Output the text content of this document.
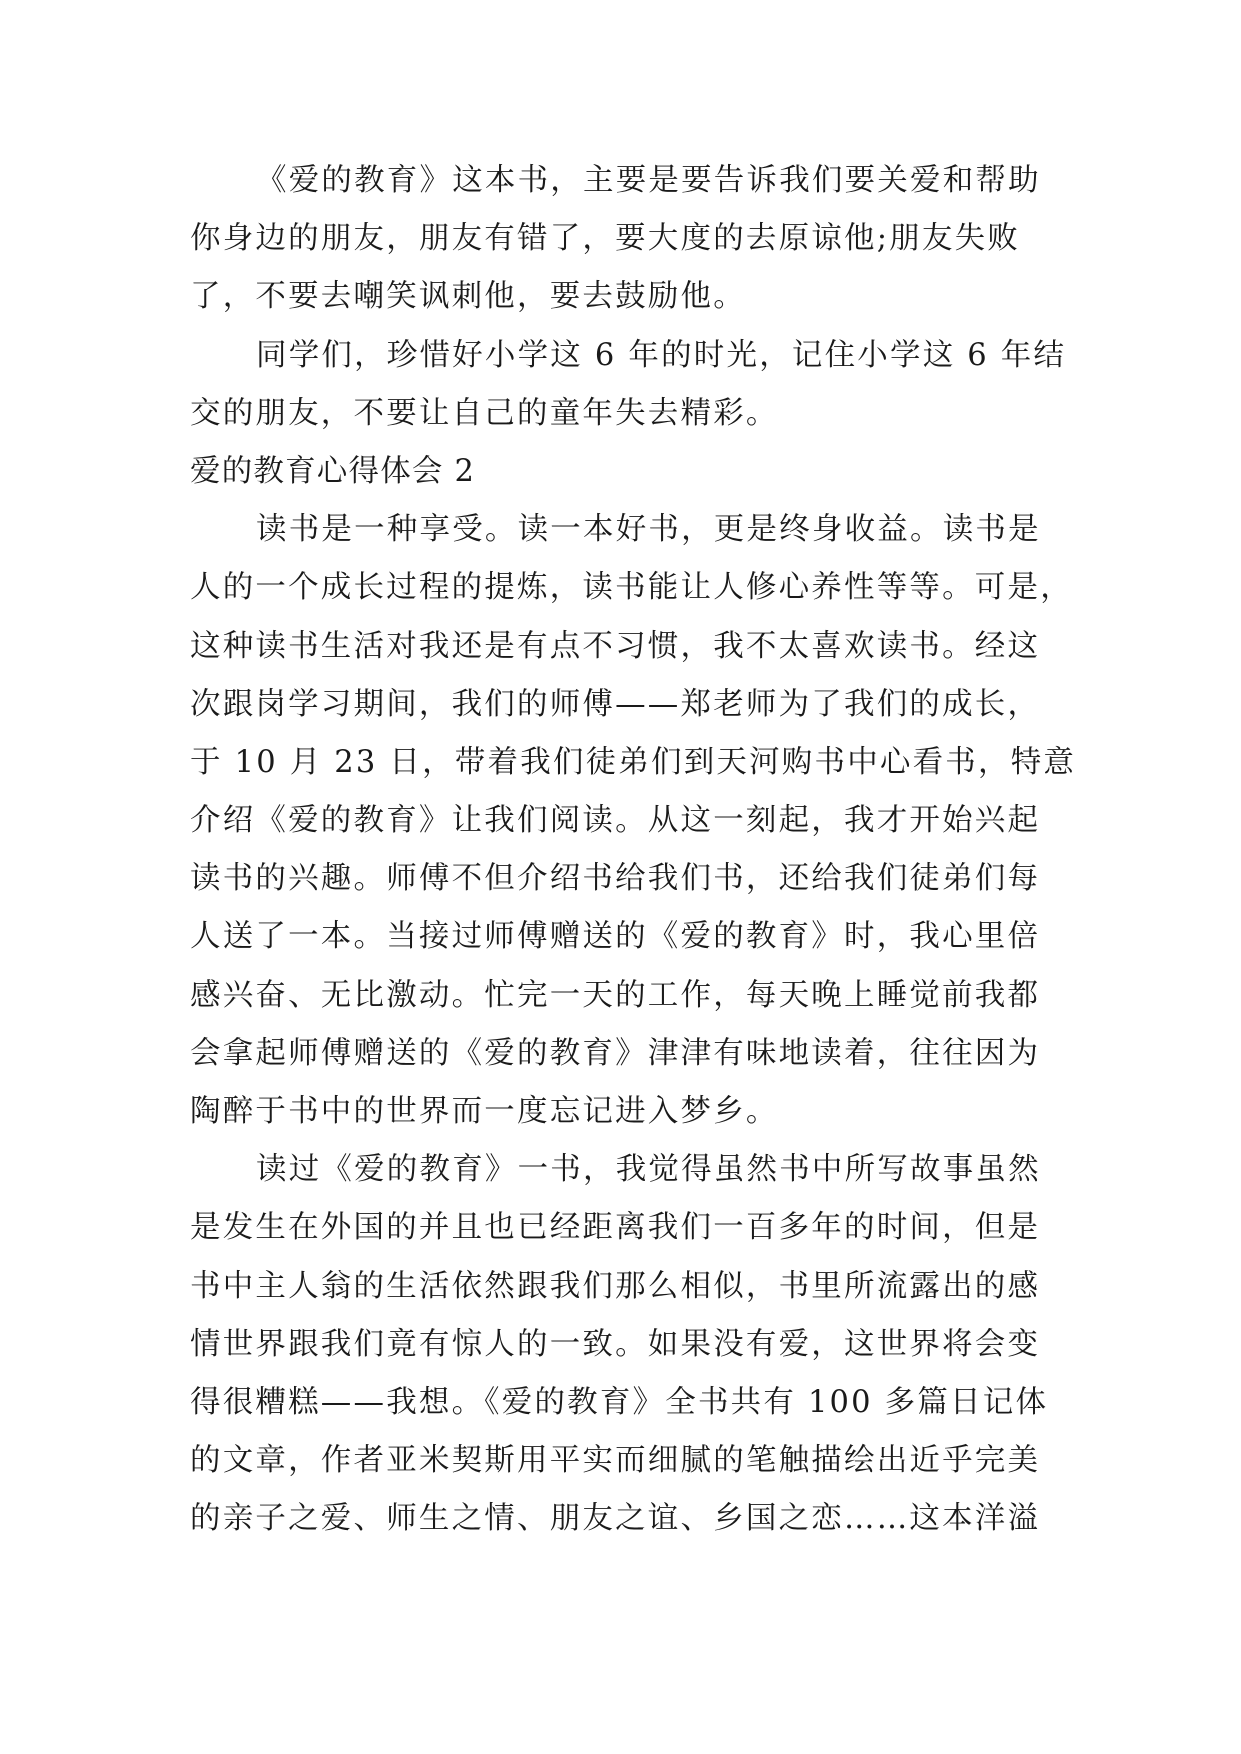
《爱的教育》这本书，主要是要告诉我们要关爱和帮助
你身边的朋友，朋友有错了，要大度的去原谅他;朋友失败
了，不要去嘲笑讽刺他，要去鼓励他。
同学们，珍惜好小学这 6 年的时光，记住小学这 6 年结
交的朋友，不要让自己的童年失去精彩。
爱的教育心得体会 2
读书是一种享受。读一本好书，更是终身收益。读书是
人的一个成长过程的提炼，读书能让人修心养性等等。可是，
这种读书生活对我还是有点不习惯，我不太喜欢读书。经这
次跟岗学习期间，我们的师傅——郑老师为了我们的成长，
于 10 月 23 日，带着我们徒弟们到天河购书中心看书，特意
介绍《爱的教育》让我们阅读。从这一刻起，我才开始兴起
读书的兴趣。师傅不但介绍书给我们书，还给我们徒弟们每
人送了一本。当接过师傅赠送的《爱的教育》时，我心里倍
感兴奋、无比激动。忙完一天的工作，每天晚上睡觉前我都
会拿起师傅赠送的《爱的教育》津津有味地读着，往往因为
陶醉于书中的世界而一度忘记进入梦乡。
读过《爱的教育》一书，我觉得虽然书中所写故事虽然
是发生在外国的并且也已经距离我们一百多年的时间，但是
书中主人翁的生活依然跟我们那么相似，书里所流露出的感
情世界跟我们竟有惊人的一致。如果没有爱，这世界将会变
得很糟糕——我想。《爱的教育》全书共有 100 多篇日记体
的文章，作者亚米契斯用平实而细腻的笔触描绘出近乎完美
的亲子之爱、师生之情、朋友之谊、乡国之恋……这本洋溢
